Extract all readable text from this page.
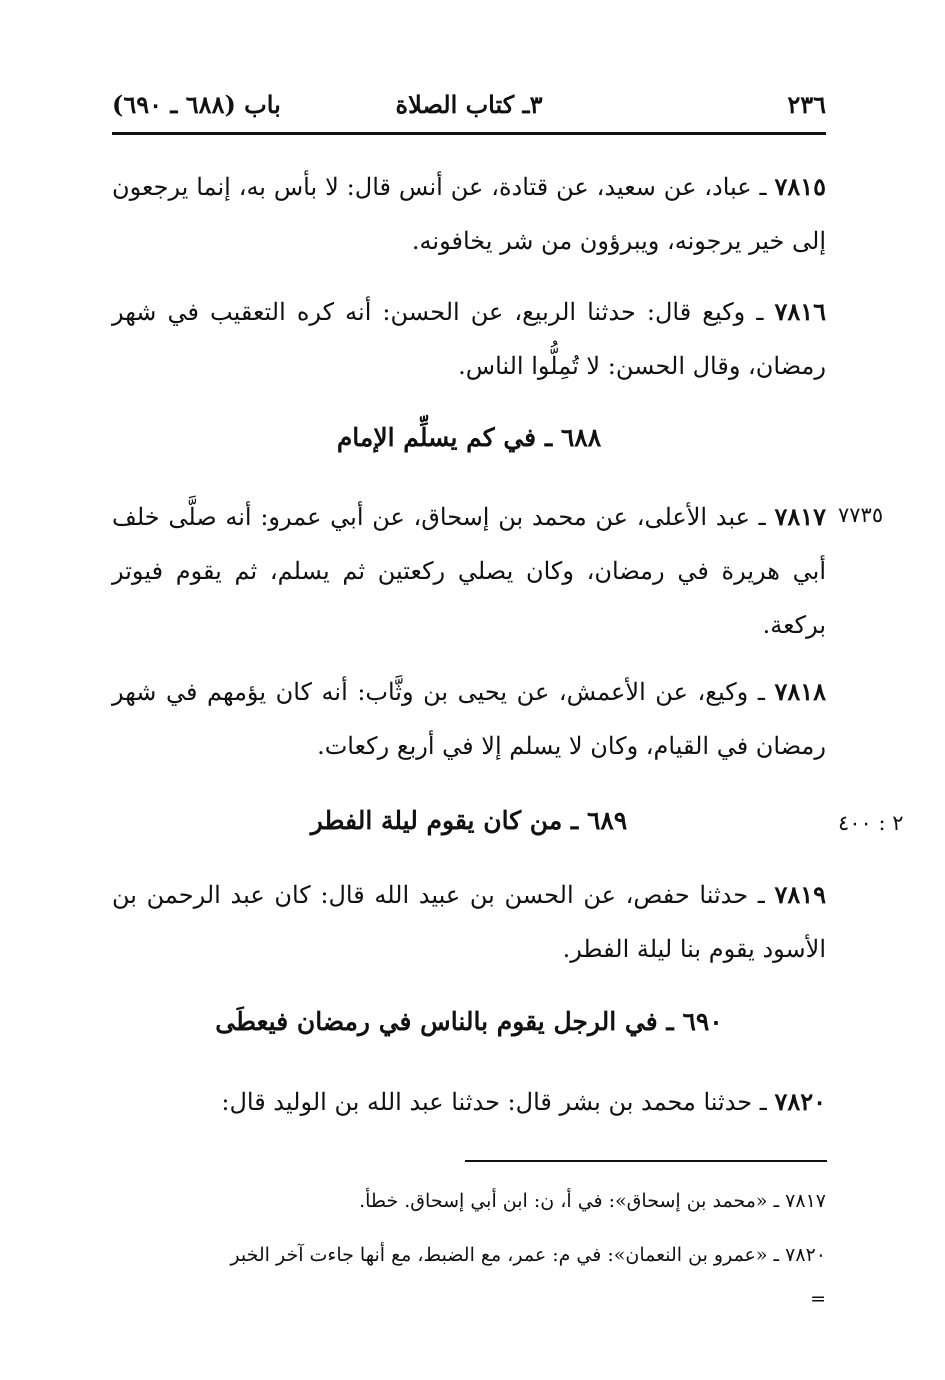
٢٣٦
٣ـ كتاب الصلاة
باب (٦٨٨ ـ ٦٩٠)
٧٨١٥ ـ عباد، عن سعيد، عن قتادة، عن أنس قال: لا بأس به، إنما يرجعون إلى خير يرجونه، ويبرؤون من شر يخافونه.
٧٨١٦ ـ وكيع قال: حدثنا الربيع، عن الحسن: أنه كره التعقيب في شهر رمضان، وقال الحسن: لا تُمِلُّوا الناس.
٦٨٨ ـ في كم يسلِّم الإمام
٧٧٣٥
٧٨١٧ ـ عبد الأعلى، عن محمد بن إسحاق، عن أبي عمرو: أنه صلَّى خلف أبي هريرة في رمضان، وكان يصلي ركعتين ثم يسلم، ثم يقوم فيوتر بركعة.
٧٨١٨ ـ وكيع، عن الأعمش، عن يحيى بن وثَّاب: أنه كان يؤمهم في شهر رمضان في القيام، وكان لا يسلم إلا في أربع ركعات.
٢ : ٤٠٠
٦٨٩ ـ من كان يقوم ليلة الفطر
٧٨١٩ ـ حدثنا حفص، عن الحسن بن عبيد الله قال: كان عبد الرحمن بن الأسود يقوم بنا ليلة الفطر.
٦٩٠ ـ في الرجل يقوم بالناس في رمضان فيعطَى
٧٨٢٠ ـ حدثنا محمد بن بشر قال: حدثنا عبد الله بن الوليد قال:
٧٨١٧ ـ «محمد بن إسحاق»: في أ، ن: ابن أبي إسحاق. خطأ.
٧٨٢٠ ـ «عمرو بن النعمان»: في م: عمر، مع الضبط، مع أنها جاءت آخر الخبر
=
